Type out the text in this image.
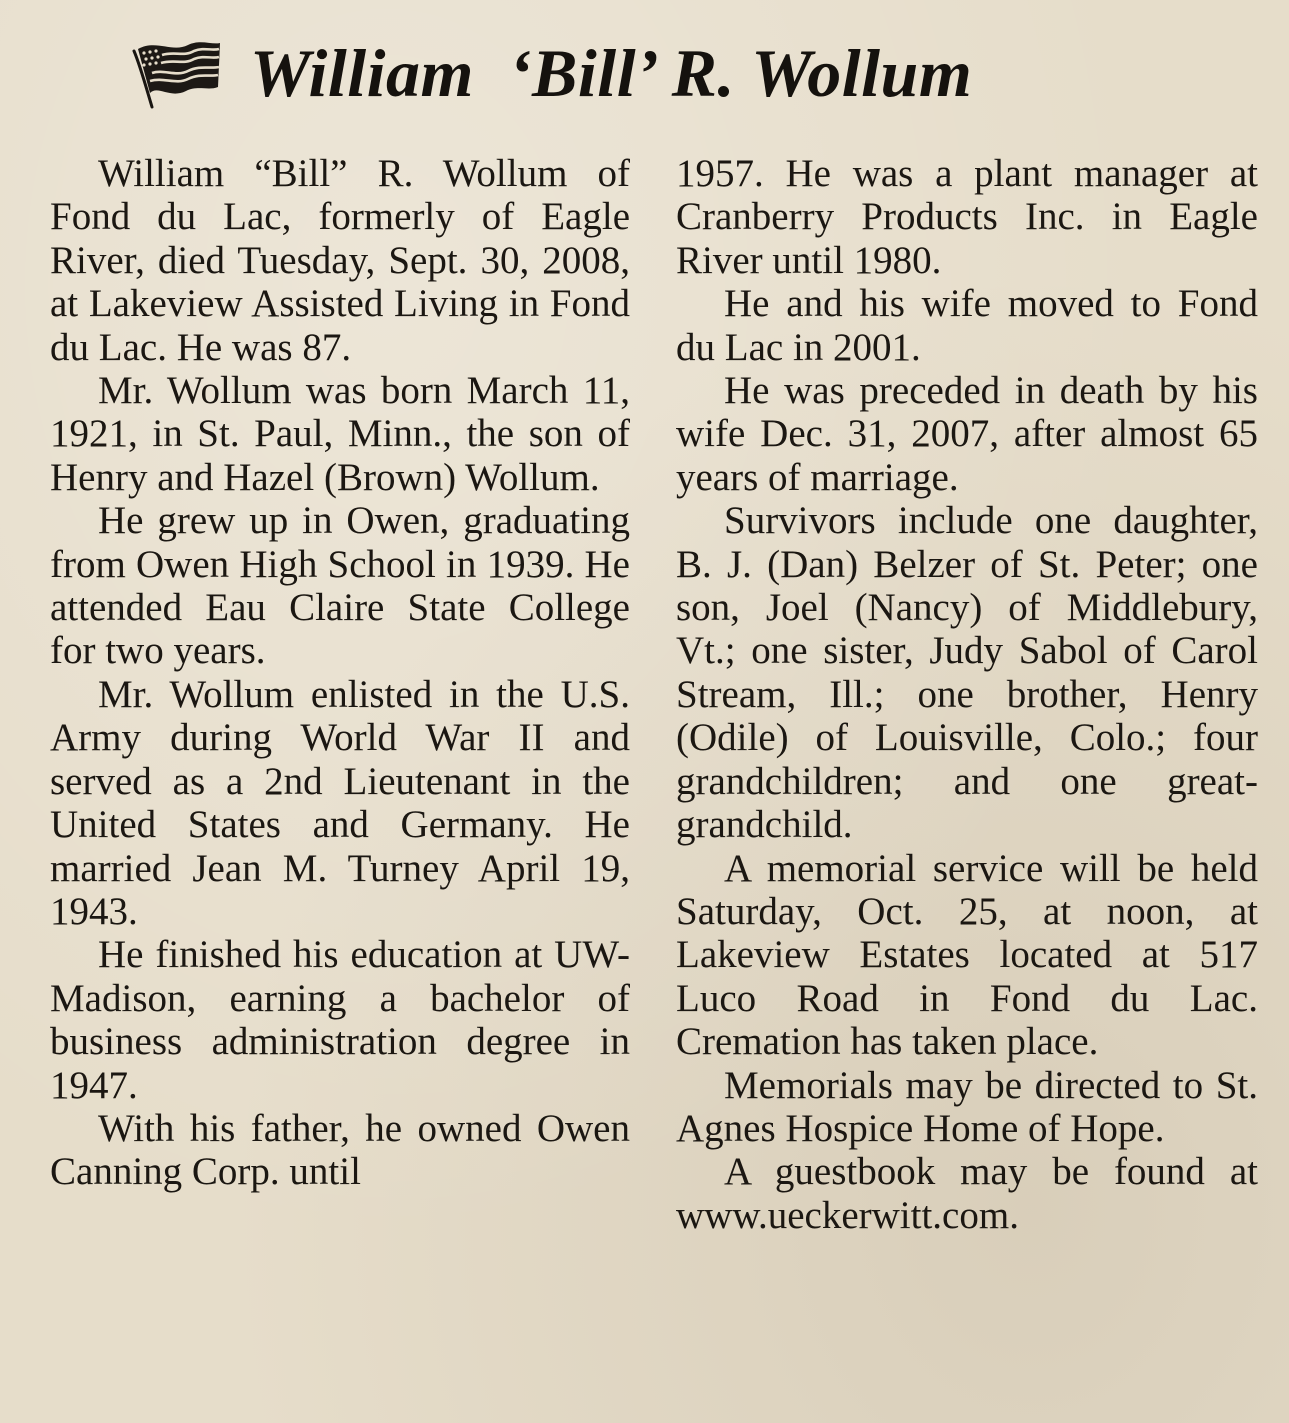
William  ‘Bill’ R. Wollum

William “Bill” R. Wollum of Fond du Lac, formerly of Eagle River, died Tuesday, Sept. 30, 2008, at Lakeview Assisted Living in Fond du Lac. He was 87.

Mr. Wollum was born March 11, 1921, in St. Paul, Minn., the son of Henry and Hazel (Brown) Wollum.

He grew up in Owen, graduating from Owen High School in 1939. He attended Eau Claire State College for two years.

Mr. Wollum enlisted in the U.S. Army during World War II and served as a 2nd Lieutenant in the United States and Germany. He married Jean M. Turney April 19, 1943.

He finished his education at UW-Madison, earning a bachelor of business administration degree in 1947.

With his father, he owned Owen Canning Corp. until

1957. He was a plant manager at Cranberry Products Inc. in Eagle River until 1980.

He and his wife moved to Fond du Lac in 2001.

He was preceded in death by his wife Dec. 31, 2007, after almost 65 years of marriage.

Survivors include one daughter, B. J. (Dan) Belzer of St. Peter; one son, Joel (Nancy) of Middlebury, Vt.; one sister, Judy Sabol of Carol Stream, Ill.; one brother, Henry (Odile) of Louisville, Colo.; four grandchildren; and one great-grandchild.

A memorial service will be held Saturday, Oct. 25, at noon, at Lakeview Estates located at 517 Luco Road in Fond du Lac. Cremation has taken place.

Memorials may be directed to St. Agnes Hospice Home of Hope.

A guestbook may be found at www.ueckerwitt.com.
